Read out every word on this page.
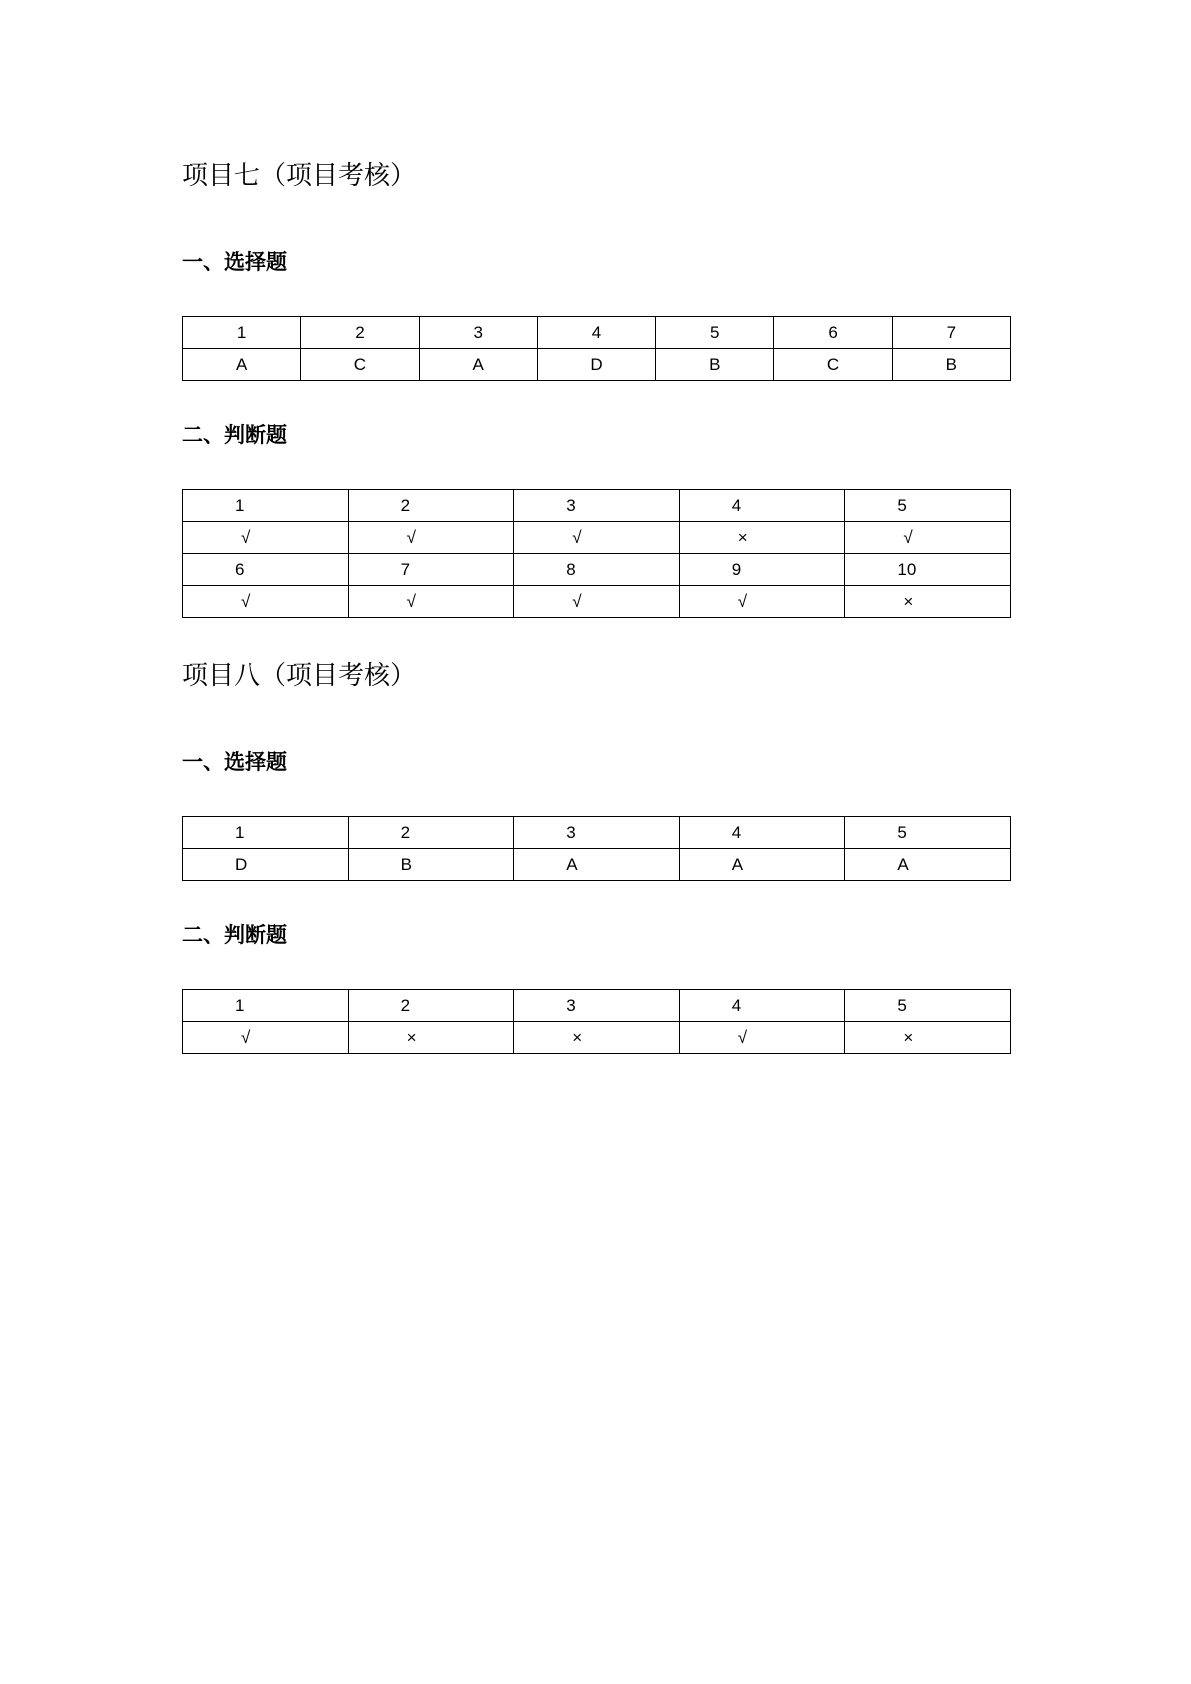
项目七（项目考核）
一、选择题
1	2	3	4	5	6	7
A	C	A	D	B	C	B
二、判断题
1	2	3	4	5
√	√	√	×	√
6	7	8	9	10
√	√	√	√	×
项目八（项目考核）
一、选择题
1	2	3	4	5
D	B	A	A	A
二、判断题
1	2	3	4	5
√	×	×	√	×
